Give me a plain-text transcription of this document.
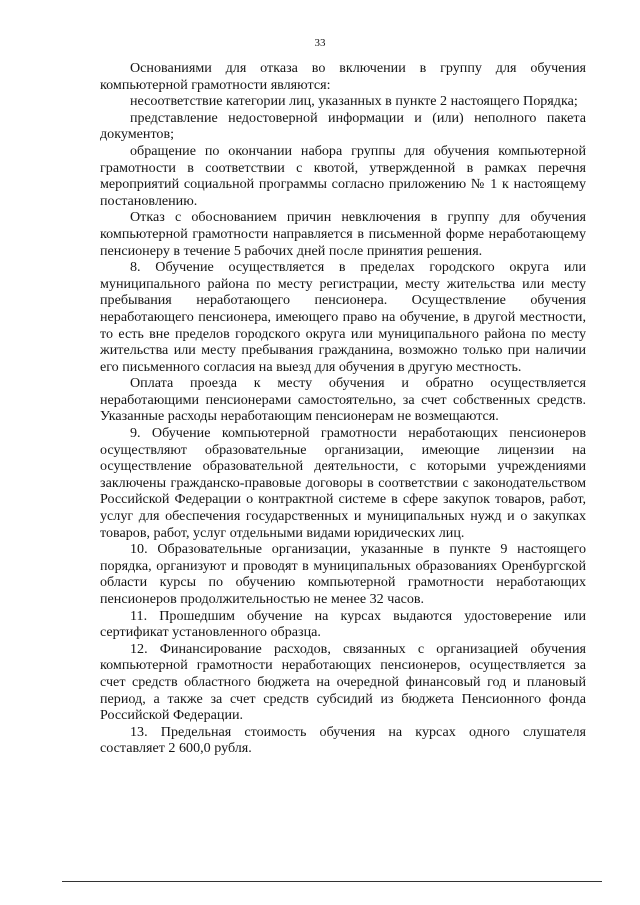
33

Основаниями для отказа во включении в группу для обучения компьютерной грамотности являются:

несоответствие категории лиц, указанных в пункте 2 настоящего Порядка;

представление недостоверной информации и (или) неполного пакета документов;

обращение по окончании набора группы для обучения компьютерной грамотности в соответствии с квотой, утвержденной в рамках перечня мероприятий социальной программы согласно приложению № 1 к настоящему постановлению.

Отказ с обоснованием причин невключения в группу для обучения компьютерной грамотности направляется в письменной форме неработающему пенсионеру в течение 5 рабочих дней после принятия решения.

8. Обучение осуществляется в пределах городского округа или муниципального района по месту регистрации, месту жительства или месту пребывания неработающего пенсионера. Осуществление обучения неработающего пенсионера, имеющего право на обучение, в другой местности, то есть вне пределов городского округа или муниципального района по месту жительства или месту пребывания гражданина, возможно только при наличии его письменного согласия на выезд для обучения в другую местность.

Оплата проезда к месту обучения и обратно осуществляется неработающими пенсионерами самостоятельно, за счет собственных средств. Указанные расходы неработающим пенсионерам не возмещаются.

9. Обучение компьютерной грамотности неработающих пенсионеров осуществляют образовательные организации, имеющие лицензии на осуществление образовательной деятельности, с которыми учреждениями заключены гражданско-правовые договоры в соответствии с законодательством Российской Федерации о контрактной системе в сфере закупок товаров, работ, услуг для обеспечения государственных и муниципальных нужд и о закупках товаров, работ, услуг отдельными видами юридических лиц.

10. Образовательные организации, указанные в пункте 9 настоящего порядка, организуют и проводят в муниципальных образованиях Оренбургской области курсы по обучению компьютерной грамотности неработающих пенсионеров продолжительностью не менее 32 часов.

11. Прошедшим обучение на курсах выдаются удостоверение или сертификат установленного образца.

12. Финансирование расходов, связанных с организацией обучения компьютерной грамотности неработающих пенсионеров, осуществляется за счет средств областного бюджета на очередной финансовый год и плановый период, а также за счет средств субсидий из бюджета Пенсионного фонда Российской Федерации.

13. Предельная стоимость обучения на курсах одного слушателя составляет 2 600,0 рубля.
